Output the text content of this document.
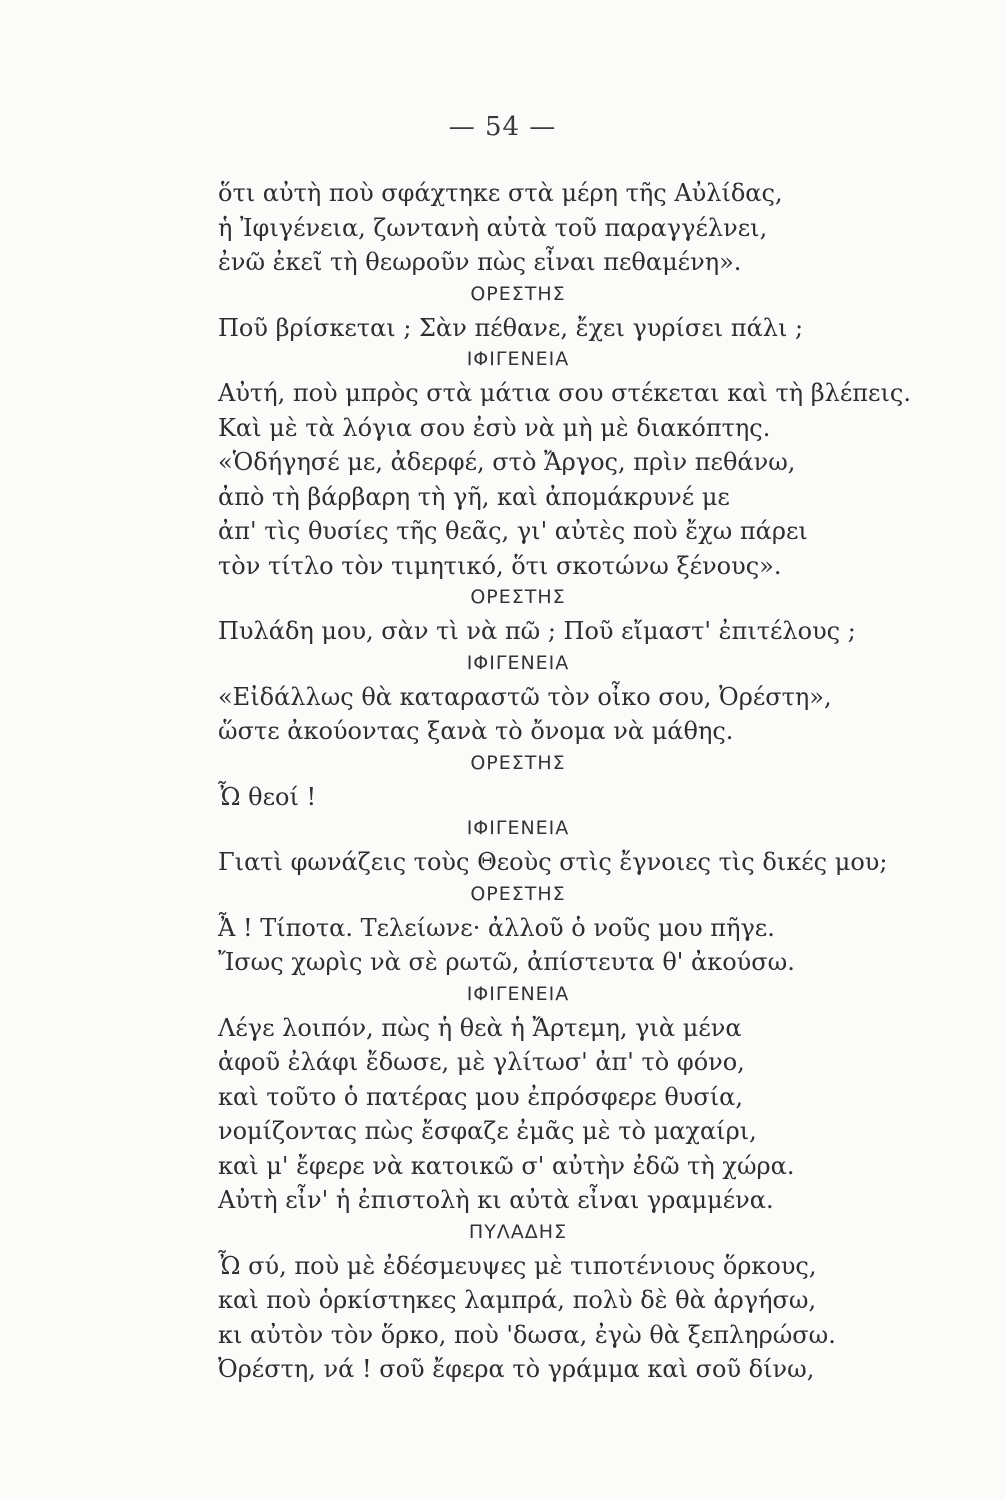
— 54 —
ὅτι αὐτὴ ποὺ σφάχτηκε στὰ μέρη τῆς Αὐλίδας,
ἡ Ἰφιγένεια, ζωντανὴ αὐτὰ τοῦ παραγγέλνει,
ἐνῶ ἐκεῖ τὴ θεωροῦν πὼς εἶναι πεθαμένη».
ΟΡΕΣΤΗΣ
Ποῦ βρίσκεται ; Σὰν πέθανε, ἔχει γυρίσει πάλι ;
ΙΦΙΓΕΝΕΙΑ
Αὐτή, ποὺ μπρὸς στὰ μάτια σου στέκεται καὶ τὴ βλέπεις.
Καὶ μὲ τὰ λόγια σου ἐσὺ νὰ μὴ μὲ διακόπτης.
«Ὁδήγησέ με, ἀδερφέ, στὸ Ἄργος, πρὶν πεθάνω,
ἀπὸ τὴ βάρβαρη τὴ γῆ, καὶ ἀπομάκρυνέ με
ἀπ' τὶς θυσίες τῆς θεᾶς, γι' αὐτὲς ποὺ ἔχω πάρει
τὸν τίτλο τὸν τιμητικό, ὅτι σκοτώνω ξένους».
ΟΡΕΣΤΗΣ
Πυλάδη μου, σὰν τὶ νὰ πῶ ; Ποῦ εἴμαστ' ἐπιτέλους ;
ΙΦΙΓΕΝΕΙΑ
«Εἰδάλλως θὰ καταραστῶ τὸν οἶκο σου, Ὀρέστη»,
ὥστε ἀκούοντας ξανὰ τὸ ὄνομα νὰ μάθης.
ΟΡΕΣΤΗΣ
Ὦ θεοί !
ΙΦΙΓΕΝΕΙΑ
Γιατὶ φωνάζεις τοὺς Θεοὺς στὶς ἔγνοιες τὶς δικές μου;
ΟΡΕΣΤΗΣ
Ἆ ! Τίποτα. Τελείωνε· ἀλλοῦ ὁ νοῦς μου πῆγε.
Ἴσως χωρὶς νὰ σὲ ρωτῶ, ἀπίστευτα θ' ἀκούσω.
ΙΦΙΓΕΝΕΙΑ
Λέγε λοιπόν, πὼς ἡ θεὰ ἡ Ἄρτεμη, γιὰ μένα
ἀφοῦ ἐλάφι ἔδωσε, μὲ γλίτωσ' ἀπ' τὸ φόνο,
καὶ τοῦτο ὁ πατέρας μου ἐπρόσφερε θυσία,
νομίζοντας πὼς ἔσφαζε ἐμᾶς μὲ τὸ μαχαίρι,
καὶ μ' ἔφερε νὰ κατοικῶ σ' αὐτὴν ἐδῶ τὴ χώρα.
Αὐτὴ εἶν' ἡ ἐπιστολὴ κι αὐτὰ εἶναι γραμμένα.
ΠΥΛΑΔΗΣ
Ὦ σύ, ποὺ μὲ ἐδέσμευψες μὲ τιποτένιους ὅρκους,
καὶ ποὺ ὁρκίστηκες λαμπρά, πολὺ δὲ θὰ ἀργήσω,
κι αὐτὸν τὸν ὅρκο, ποὺ 'δωσα, ἐγὼ θὰ ξεπληρώσω.
Ὀρέστη, νά ! σοῦ ἔφερα τὸ γράμμα καὶ σοῦ δίνω,
